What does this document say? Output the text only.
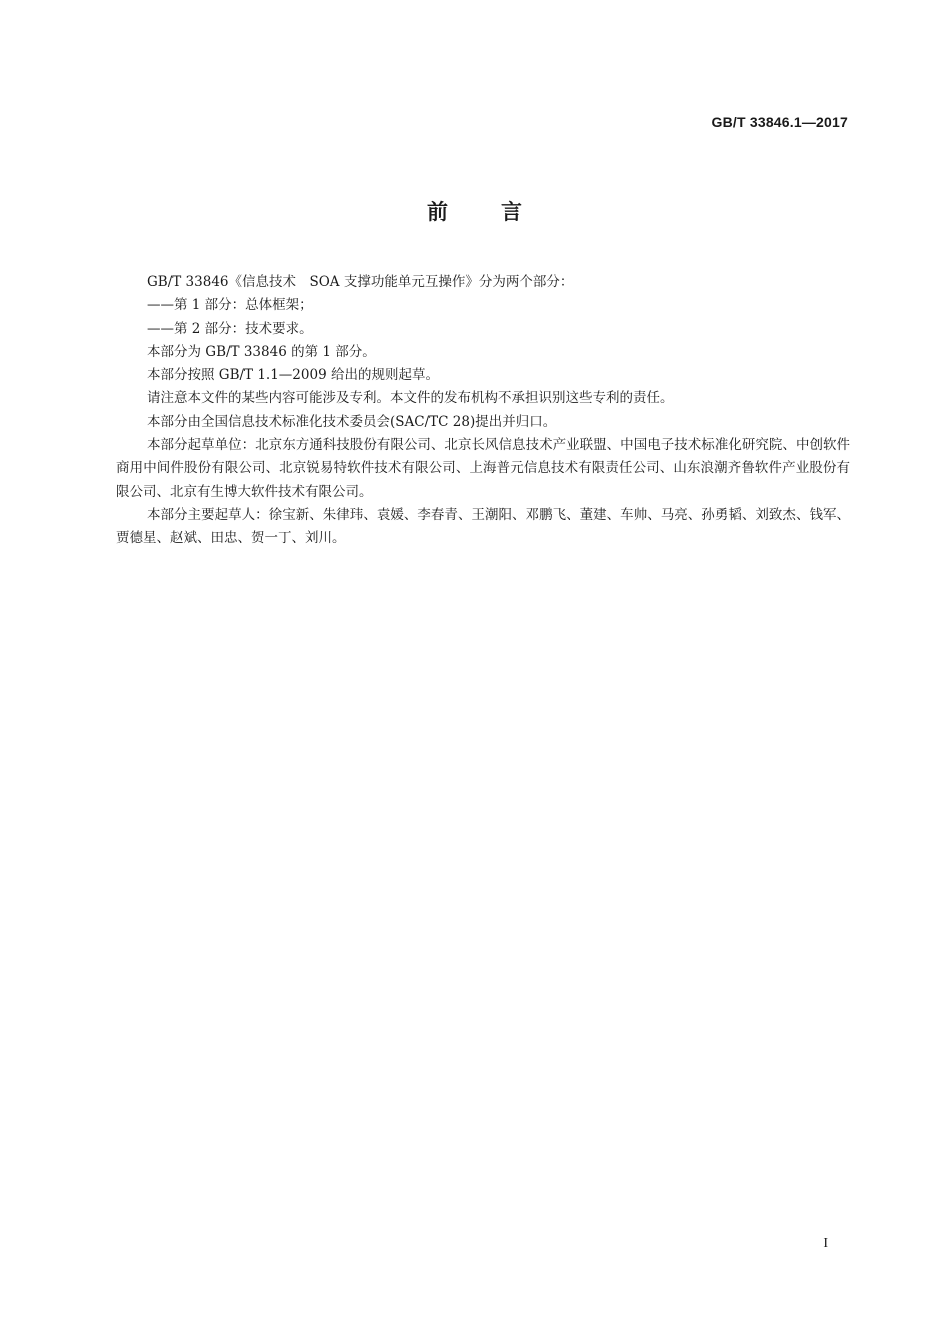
GB/T 33846.1—2017
前 言

GB/T 33846《信息技术　SOA 支撑功能单元互操作》分为两个部分：

——第 1 部分：总体框架；

——第 2 部分：技术要求。

本部分为 GB/T 33846 的第 1 部分。

本部分按照 GB/T 1.1—2009 给出的规则起草。

请注意本文件的某些内容可能涉及专利。本文件的发布机构不承担识别这些专利的责任。

本部分由全国信息技术标准化技术委员会(SAC/TC 28)提出并归口。

本部分起草单位：北京东方通科技股份有限公司、北京长风信息技术产业联盟、中国电子技术标准化研究院、中创软件商用中间件股份有限公司、北京锐易特软件技术有限公司、上海普元信息技术有限责任公司、山东浪潮齐鲁软件产业股份有限公司、北京有生博大软件技术有限公司。

本部分主要起草人：徐宝新、朱律玮、袁媛、李春青、王潮阳、邓鹏飞、董建、车帅、马亮、孙勇韬、刘致杰、钱军、贾德星、赵斌、田忠、贺一丁、刘川。

I
